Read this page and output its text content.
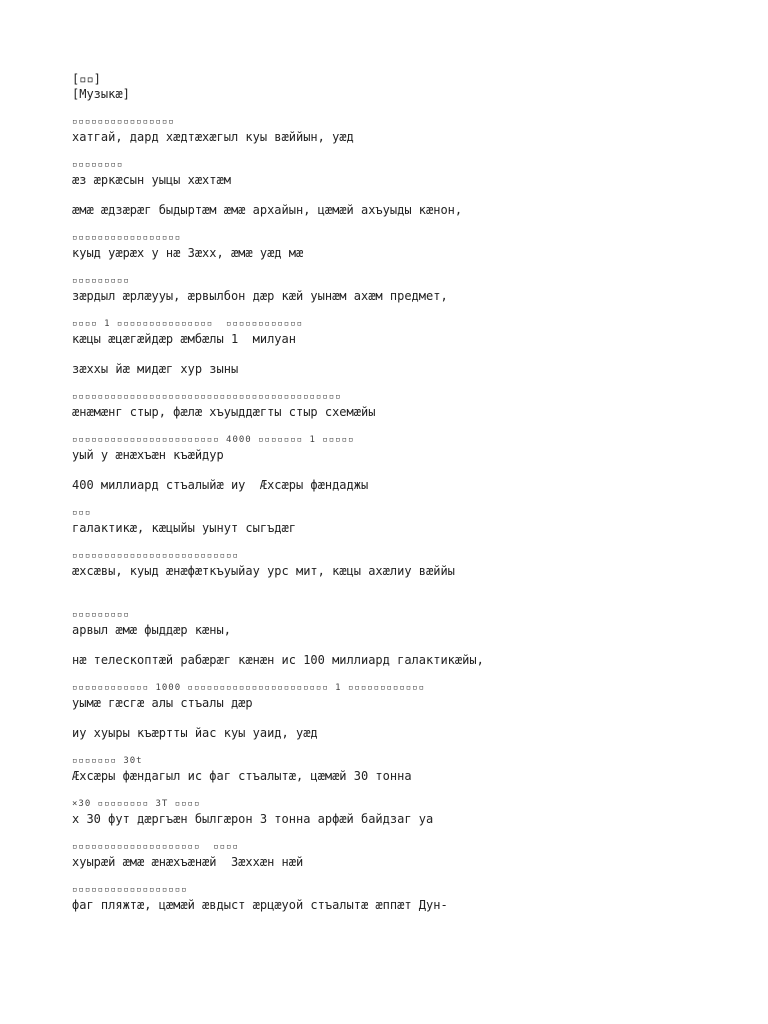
[▫▫]
[Музыкæ]
▫▫▫▫▫▫▫▫▫▫▫▫▫▫▫▫
хатгай, дард хæдтæхæгыл куы вæййын, уæд
▫▫▫▫▫▫▫▫
æз æркæсын уыцы хæхтæм
æмæ æдзæрæг быдыртæм æмæ архайын, цæмæй ахъуыды кæнон,
▫▫▫▫▫▫▫▫▫▫▫▫▫▫▫▫▫
куыд уæрæх у нæ Зæхх, æмæ уæд мæ
▫▫▫▫▫▫▫▫▫
зæрдыл æрлæууы, æрвылбон дæр кæй уынæм ахæм предмет,
▫▫▫▫ 1 ▫▫▫▫▫▫▫▫▫▫▫▫▫▫▫  ▫▫▫▫▫▫▫▫▫▫▫▫
кæцы æцæгæйдæр æмбæлы 1  милуан
зæххы йæ мидæг хур зыны
▫▫▫▫▫▫▫▫▫▫▫▫▫▫▫▫▫▫▫▫▫▫▫▫▫▫▫▫▫▫▫▫▫▫▫▫▫▫▫▫▫▫
æнæмæнг стыр, фæлæ хъуыддæгты стыр схемæйы
▫▫▫▫▫▫▫▫▫▫▫▫▫▫▫▫▫▫▫▫▫▫▫ 4000 ▫▫▫▫▫▫▫ 1 ▫▫▫▫▫
уый у æнæхъæн къæйдур
400 миллиард стъалыйæ иу  Æхсæры фæндаджы
▫▫▫
галактикæ, кæцыйы уынут сыгъдæг
▫▫▫▫▫▫▫▫▫▫▫▫▫▫▫▫▫▫▫▫▫▫▫▫▫▫
æхсæвы, куыд æнæфæткъуыйау урс мит, кæцы ахæлиу вæййы
▫▫▫▫▫▫▫▫▫
арвыл æмæ фыддæр кæны,
нæ телескоптæй рабæрæг кæнæн ис 100 миллиард галактикæйы,
▫▫▫▫▫▫▫▫▫▫▫▫ 1000 ▫▫▫▫▫▫▫▫▫▫▫▫▫▫▫▫▫▫▫▫▫▫ 1 ▫▫▫▫▫▫▫▫▫▫▫▫
уымæ гæсгæ алы стъалы дæр
иу хуыры къæртты йас куы уаид, уæд
▫▫▫▫▫▫▫ 30t
Æхсæры фæндагыл ис фаг стъалытæ, цæмæй 30 тонна
×30 ▫▫▫▫▫▫▫▫ 3T ▫▫▫▫
x 30 фут дæргъæн былгæрон 3 тонна арфæй байдзаг уа
▫▫▫▫▫▫▫▫▫▫▫▫▫▫▫▫▫▫▫▫  ▫▫▫▫
хуырæй æмæ æнæхъæнæй  Зæххæн нæй
▫▫▫▫▫▫▫▫▫▫▫▫▫▫▫▫▫▫
фаг пляжтæ, цæмæй æвдыст æрцæуой стъалытæ æппæт Дун-
